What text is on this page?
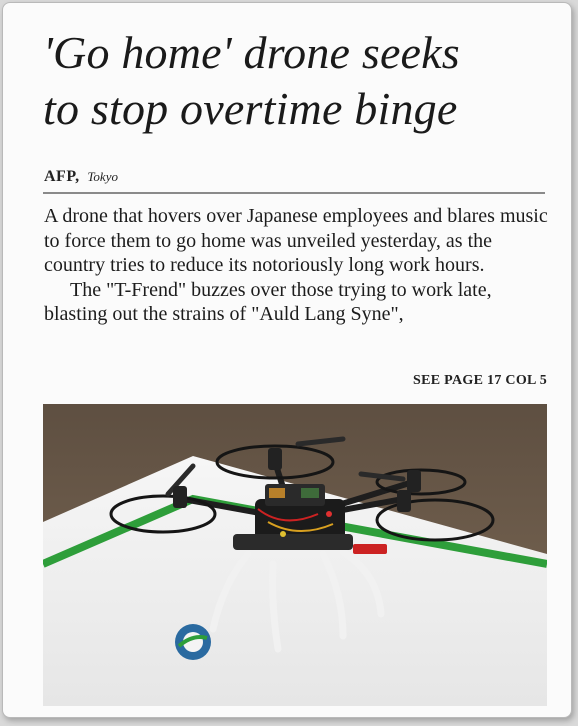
'Go home' drone seeks
to stop overtime binge
AFP, Tokyo

A drone that hovers over Japanese employees and blares music to force them to go home was unveiled yesterday, as the country tries to reduce its notoriously long work hours.

The "T-Frend" buzzes over those trying to work late, blasting out the strains of "Auld Lang Syne",

SEE PAGE 17 COL 5
